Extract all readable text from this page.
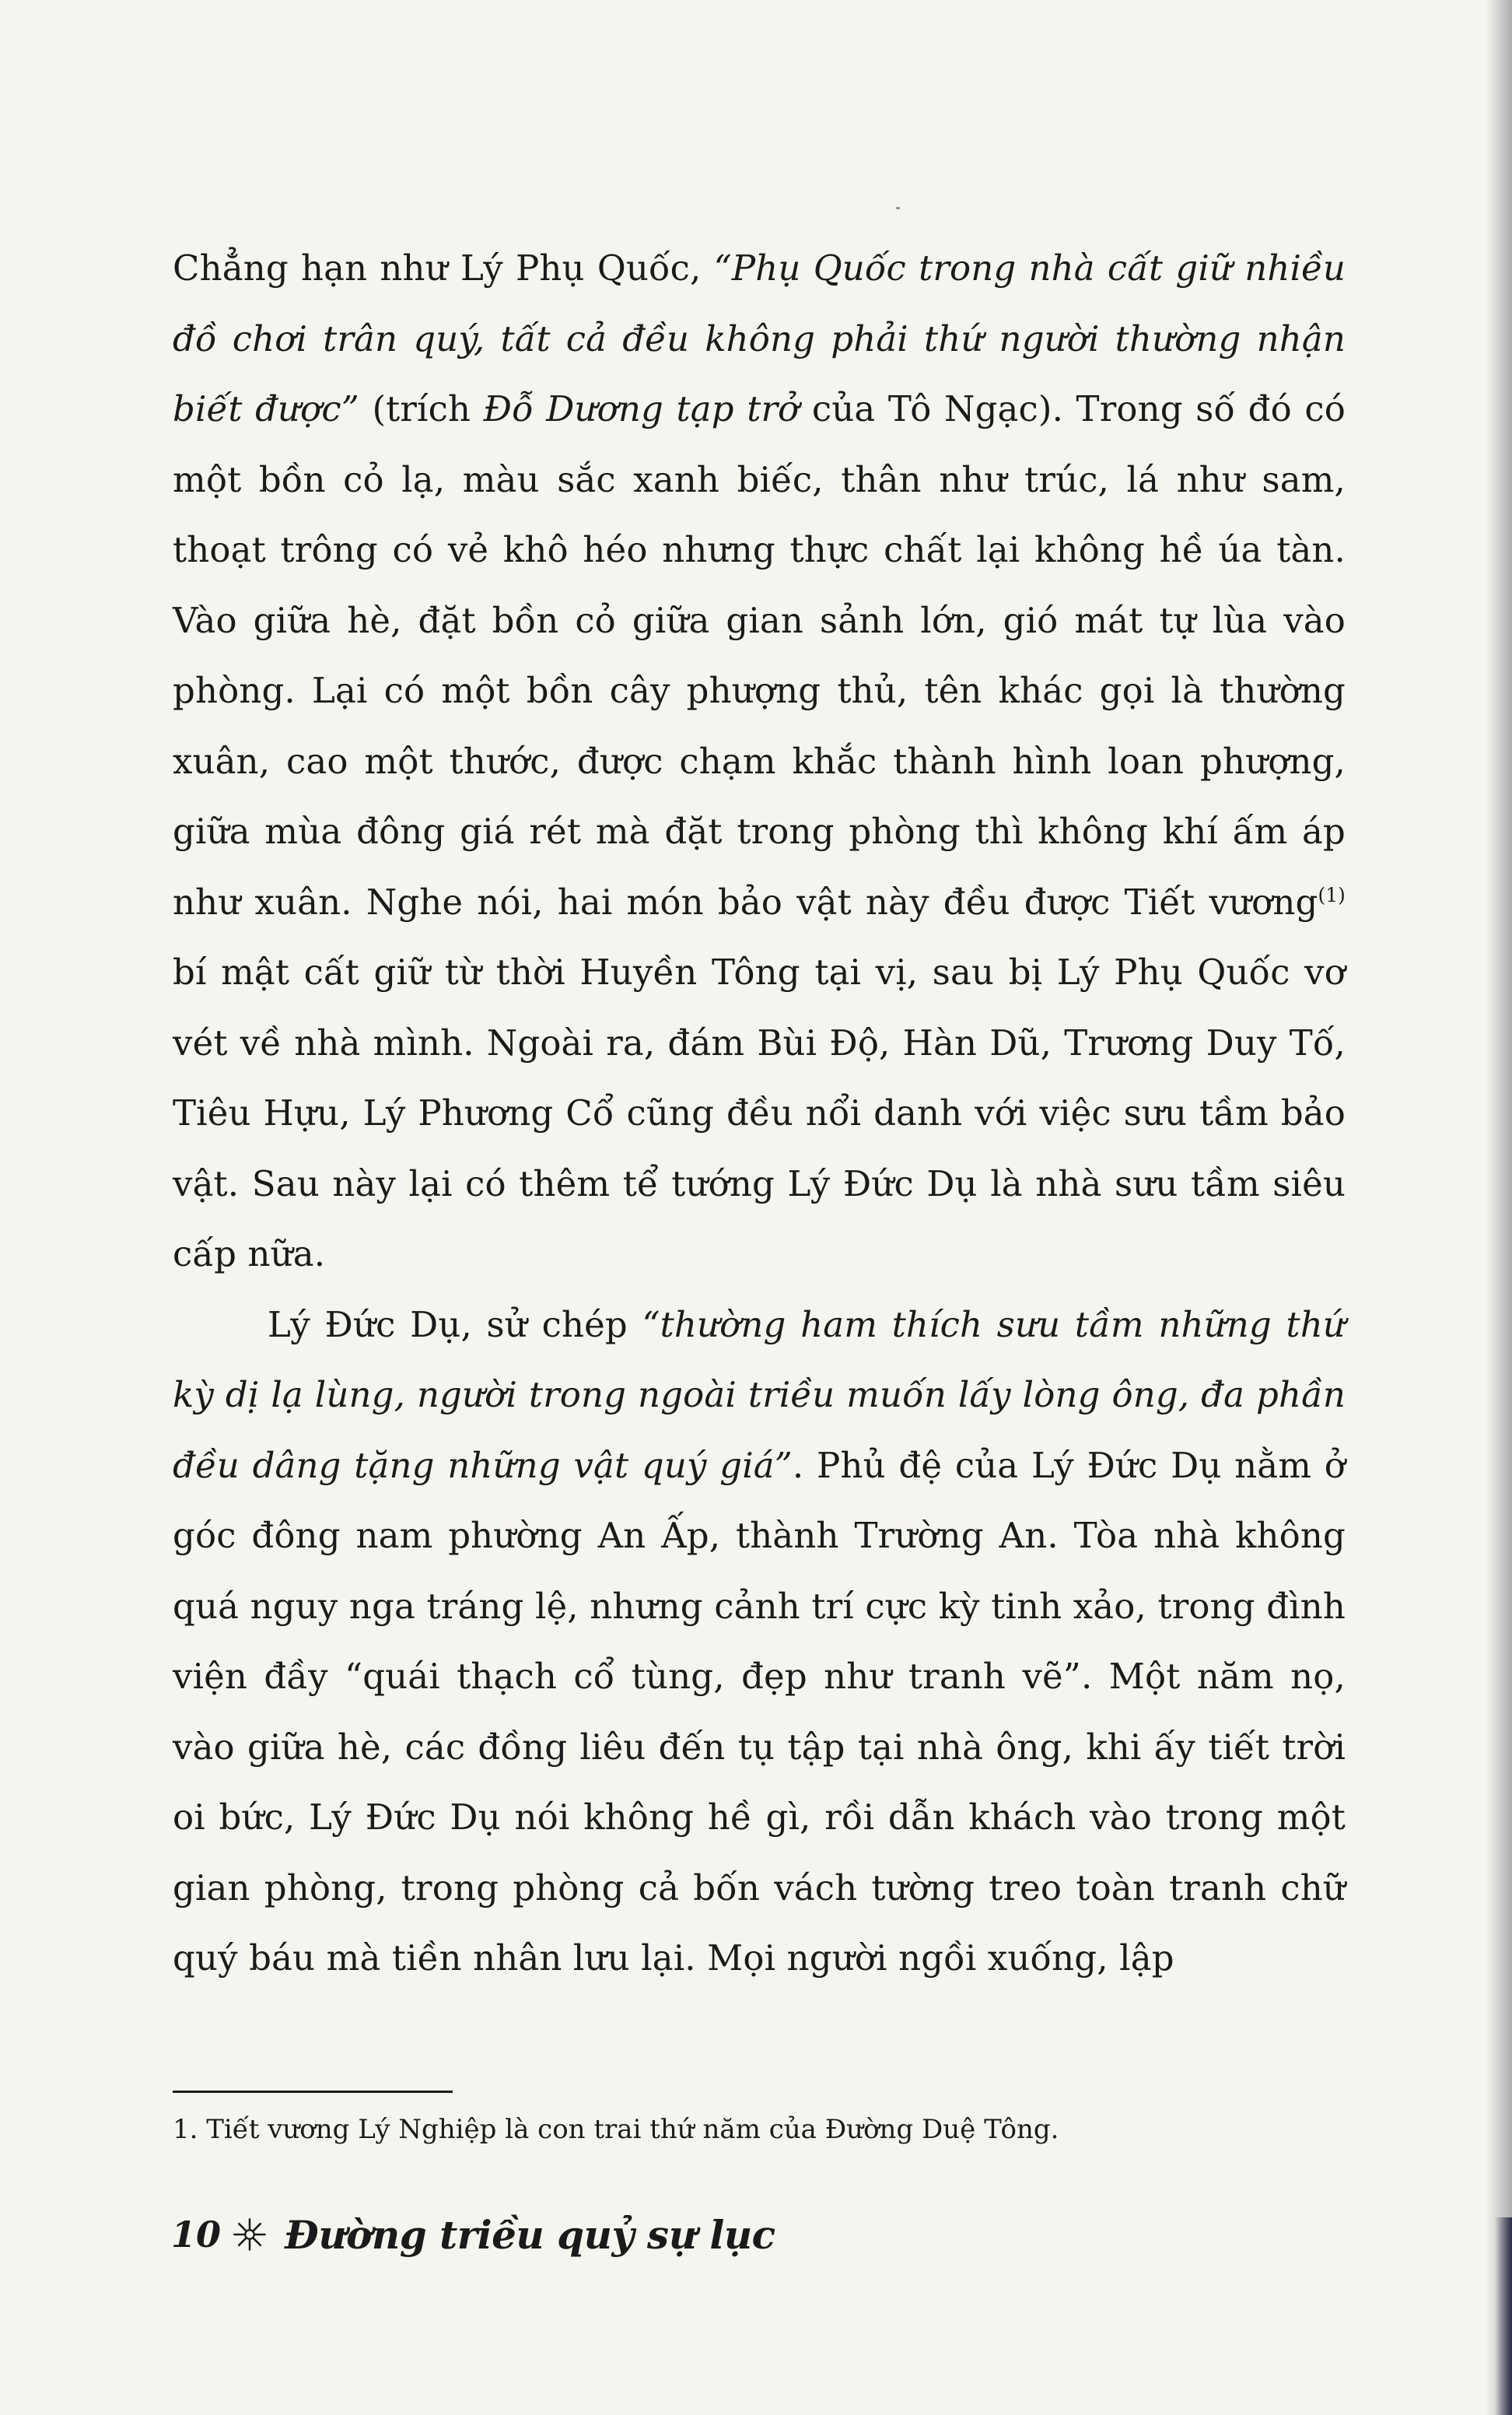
Chẳng hạn như Lý Phụ Quốc, “Phụ Quốc trong nhà cất giữ nhiều đồ chơi trân quý, tất cả đều không phải thứ người thường nhận biết được” (trích Đỗ Dương tạp trở của Tô Ngạc). Trong số đó có một bồn cỏ lạ, màu sắc xanh biếc, thân như trúc, lá như sam, thoạt trông có vẻ khô héo nhưng thực chất lại không hề úa tàn. Vào giữa hè, đặt bồn cỏ giữa gian sảnh lớn, gió mát tự lùa vào phòng. Lại có một bồn cây phượng thủ, tên khác gọi là thường xuân, cao một thước, được chạm khắc thành hình loan phượng, giữa mùa đông giá rét mà đặt trong phòng thì không khí ấm áp như xuân. Nghe nói, hai món bảo vật này đều được Tiết vương$^{(1)}$ bí mật cất giữ từ thời Huyền Tông tại vị, sau bị Lý Phụ Quốc vơ vét về nhà mình. Ngoài ra, đám Bùi Độ, Hàn Dũ, Trương Duy Tố, Tiêu Hựu, Lý Phương Cổ cũng đều nổi danh với việc sưu tầm bảo vật. Sau này lại có thêm tể tướng Lý Đức Dụ là nhà sưu tầm siêu cấp nữa.

Lý Đức Dụ, sử chép “thường ham thích sưu tầm những thứ kỳ dị lạ lùng, người trong ngoài triều muốn lấy lòng ông, đa phần đều dâng tặng những vật quý giá”. Phủ đệ của Lý Đức Dụ nằm ở góc đông nam phường An Ấp, thành Trường An. Tòa nhà không quá nguy nga tráng lệ, nhưng cảnh trí cực kỳ tinh xảo, trong đình viện đầy “quái thạch cổ tùng, đẹp như tranh vẽ”. Một năm nọ, vào giữa hè, các đồng liêu đến tụ tập tại nhà ông, khi ấy tiết trời oi bức, Lý Đức Dụ nói không hề gì, rồi dẫn khách vào trong một gian phòng, trong phòng cả bốn vách tường treo toàn tranh chữ quý báu mà tiền nhân lưu lại. Mọi người ngồi xuống, lập

1. Tiết vương Lý Nghiệp là con trai thứ năm của Đường Duệ Tông.
10 Đường triều quỷ sự lục
